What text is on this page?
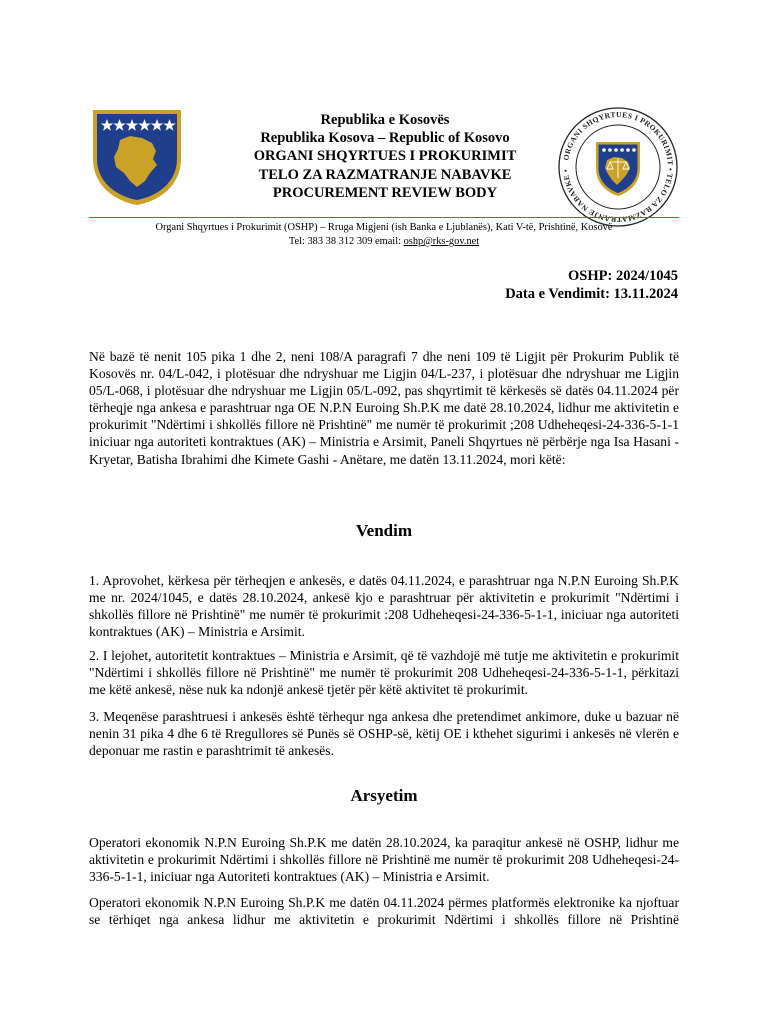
Republika e Kosovës
Republika Kosova – Republic of Kosovo
ORGANI SHQYRTUES I PROKURIMIT
TELO ZA RAZMATRANJE NABAVKE
PROCUREMENT REVIEW BODY
ORGANI SHQYRTUES I PROKURIMIT • TELO ZA RAZMATRANJE NABAVKE •
Organi Shqyrtues i Prokurimit (OSHP) – Rruga Migjeni (ish Banka e Ljublanës), Kati V-të, Prishtinë, Kosovë
Tel: 383 38 312 309 email: oshp@rks-gov.net
OSHP: 2024/1045
Data e Vendimit: 13.11.2024
Në bazë të nenit 105 pika 1 dhe 2, neni 108/A paragrafi 7 dhe neni 109 të Ligjit për Prokurim Publik të Kosovës nr. 04/L-042, i plotësuar dhe ndryshuar me Ligjin 04/L-237, i plotësuar dhe ndryshuar me Ligjin 05/L-068, i plotësuar dhe ndryshuar me Ligjin 05/L-092, pas shqyrtimit të kërkesës së datës 04.11.2024 për tërheqje nga ankesa e parashtruar nga OE N.P.N Euroing Sh.P.K me datë 28.10.2024, lidhur me aktivitetin e prokurimit "Ndërtimi i shkollës fillore në Prishtinë" me numër të prokurimit ;208 Udheheqesi-24-336-5-1-1 iniciuar nga autoriteti kontraktues (AK) – Ministria e Arsimit, Paneli Shqyrtues në përbërje nga Isa Hasani - Kryetar, Batisha Ibrahimi dhe Kimete Gashi - Anëtare, me datën 13.11.2024, mori këtë:
Vendim
1. Aprovohet, kërkesa për tërheqjen e ankesës, e datës 04.11.2024, e parashtruar nga N.P.N Euroing Sh.P.K me nr. 2024/1045, e datës 28.10.2024, ankesë kjo e parashtruar për aktivitetin e prokurimit "Ndërtimi i shkollës fillore në Prishtinë" me numër të prokurimit :208 Udheheqesi-24-336-5-1-1, iniciuar nga autoriteti kontraktues (AK) – Ministria e Arsimit.
2. I lejohet, autoritetit kontraktues – Ministria e Arsimit, që të vazhdojë më tutje me aktivitetin e prokurimit "Ndërtimi i shkollës fillore në Prishtinë" me numër të prokurimit 208 Udheheqesi-24-336-5-1-1, përkitazi me këtë ankesë, nëse nuk ka ndonjë ankesë tjetër për këtë aktivitet të prokurimit.
3. Meqenëse parashtruesi i ankesës është tërhequr nga ankesa dhe pretendimet ankimore, duke u bazuar në nenin 31 pika 4 dhe 6 të Rregullores së Punës së OSHP-së, këtij OE i kthehet sigurimi i ankesës në vlerën e deponuar me rastin e parashtrimit të ankesës.
Arsyetim
Operatori ekonomik N.P.N Euroing Sh.P.K me datën 28.10.2024, ka paraqitur ankesë në OSHP, lidhur me aktivitetin e prokurimit Ndërtimi i shkollës fillore në Prishtinë me numër të prokurimit 208 Udheheqesi-24-336-5-1-1, iniciuar nga Autoriteti kontraktues (AK) – Ministria e Arsimit.
Operatori ekonomik N.P.N Euroing Sh.P.K me datën 04.11.2024 përmes platformës elektronike ka njoftuar se tërhiqet nga ankesa lidhur me aktivitetin e prokurimit Ndërtimi i shkollës fillore në Prishtinë
